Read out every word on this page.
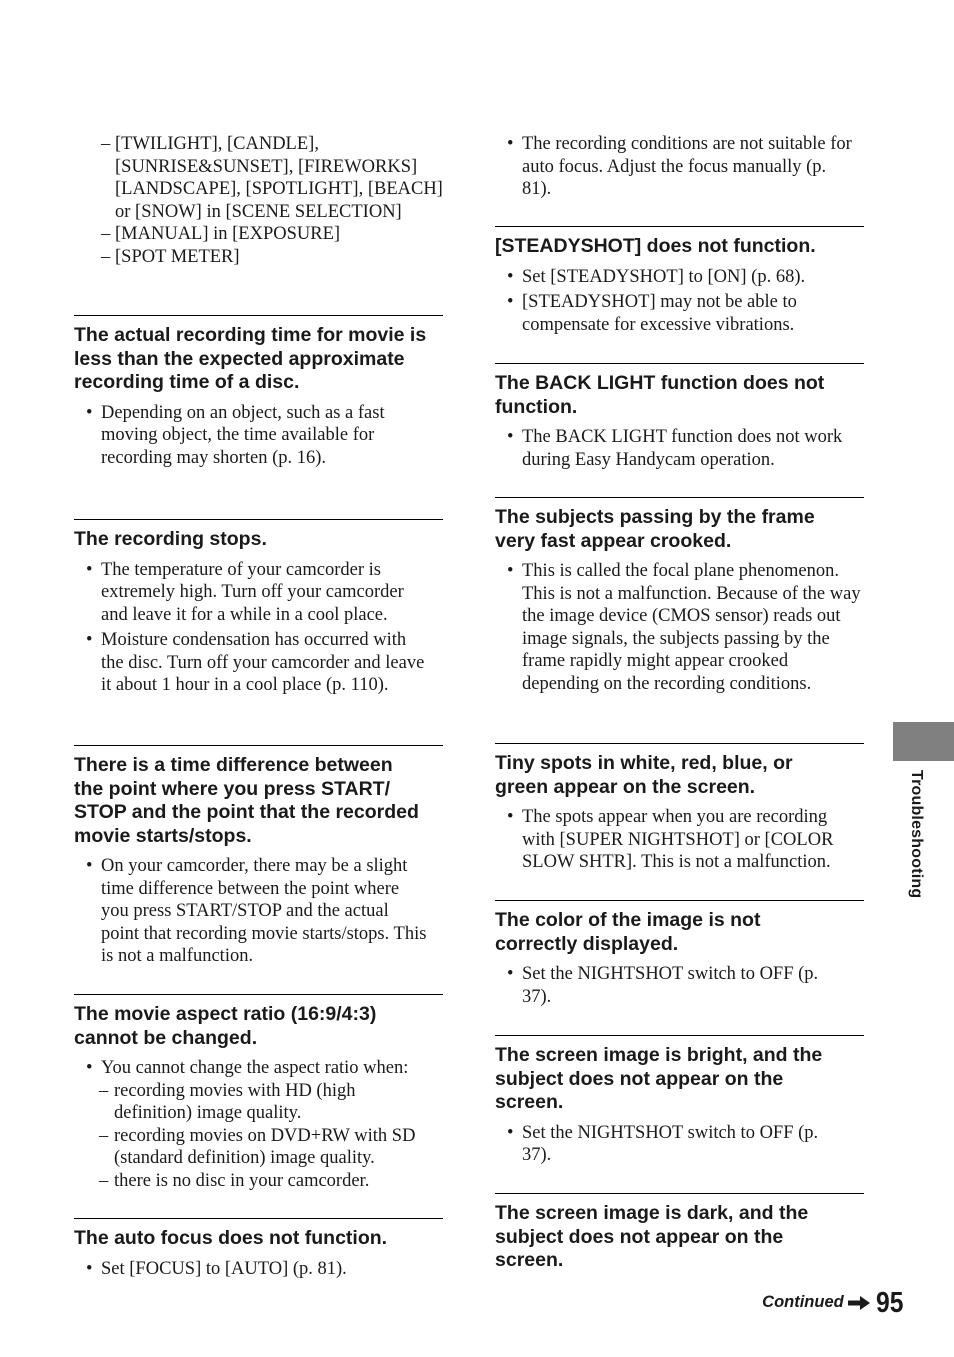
– [TWILIGHT], [CANDLE], [SUNRISE&SUNSET], [FIREWORKS] [LANDSCAPE], [SPOTLIGHT], [BEACH] or [SNOW] in [SCENE SELECTION]
– [MANUAL] in [EXPOSURE]
– [SPOT METER]
The actual recording time for movie is less than the expected approximate recording time of a disc.
• Depending on an object, such as a fast moving object, the time available for recording may shorten (p. 16).
The recording stops.
• The temperature of your camcorder is extremely high. Turn off your camcorder and leave it for a while in a cool place.
• Moisture condensation has occurred with the disc. Turn off your camcorder and leave it about 1 hour in a cool place (p. 110).
There is a time difference between the point where you press START/ STOP and the point that the recorded movie starts/stops.
• On your camcorder, there may be a slight time difference between the point where you press START/STOP and the actual point that recording movie starts/stops. This is not a malfunction.
The movie aspect ratio (16:9/4:3) cannot be changed.
• You cannot change the aspect ratio when:
– recording movies with HD (high definition) image quality.
– recording movies on DVD+RW with SD (standard definition) image quality.
– there is no disc in your camcorder.
The auto focus does not function.
• Set [FOCUS] to [AUTO] (p. 81).
• The recording conditions are not suitable for auto focus. Adjust the focus manually (p. 81).
[STEADYSHOT] does not function.
• Set [STEADYSHOT] to [ON] (p. 68).
• [STEADYSHOT] may not be able to compensate for excessive vibrations.
The BACK LIGHT function does not function.
• The BACK LIGHT function does not work during Easy Handycam operation.
The subjects passing by the frame very fast appear crooked.
• This is called the focal plane phenomenon. This is not a malfunction. Because of the way the image device (CMOS sensor) reads out image signals, the subjects passing by the frame rapidly might appear crooked depending on the recording conditions.
Tiny spots in white, red, blue, or green appear on the screen.
• The spots appear when you are recording with [SUPER NIGHTSHOT] or [COLOR SLOW SHTR]. This is not a malfunction.
The color of the image is not correctly displayed.
• Set the NIGHTSHOT switch to OFF (p. 37).
The screen image is bright, and the subject does not appear on the screen.
• Set the NIGHTSHOT switch to OFF (p. 37).
The screen image is dark, and the subject does not appear on the screen.
Troubleshooting
Continued 95
